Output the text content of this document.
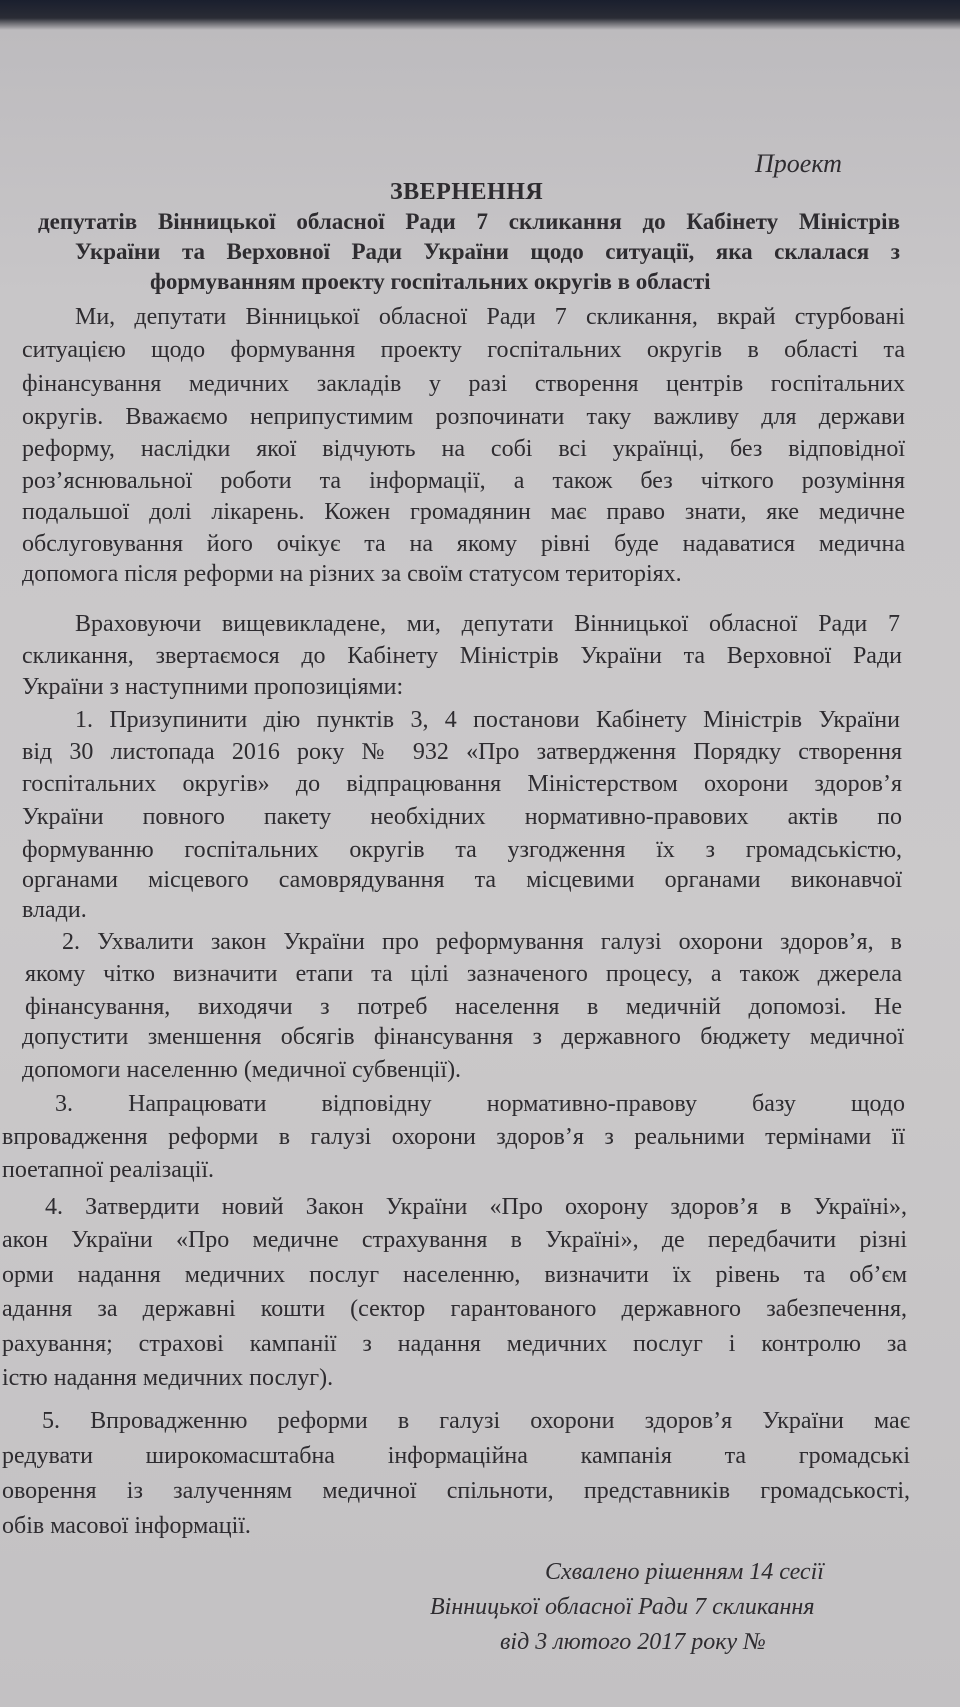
Проект
ЗВЕРНЕННЯ
депутатів Вінницької обласної Ради 7 скликання до Кабінету Міністрів
України та Верховної Ради України щодо ситуації, яка склалася з
формуванням проекту госпітальних округів в області
Ми, депутати Вінницької обласної Ради 7 скликання, вкрай стурбовані
ситуацією щодо формування проекту госпітальних округів в області та
фінансування медичних закладів у разі створення центрів госпітальних
округів. Вважаємо неприпустимим розпочинати таку важливу для держави
реформу, наслідки якої відчують на собі всі українці, без відповідної
роз’яснювальної роботи та інформації, а також без чіткого розуміння
подальшої долі лікарень. Кожен громадянин має право знати, яке медичне
обслуговування його очікує та на якому рівні буде надаватися медична
допомога після реформи на різних за своїм статусом територіях.
Враховуючи вищевикладене, ми, депутати Вінницької обласної Ради 7
скликання, звертаємося до Кабінету Міністрів України та Верховної Ради
України з наступними пропозиціями:
1. Призупинити дію пунктів 3, 4 постанови Кабінету Міністрів України
від 30 листопада 2016 року № 932 «Про затвердження Порядку створення
госпітальних округів» до відпрацювання Міністерством охорони здоров’я
України повного пакету необхідних нормативно-правових актів по
формуванню госпітальних округів та узгодження їх з громадськістю,
органами місцевого самоврядування та місцевими органами виконавчої
влади.
2. Ухвалити закон України про реформування галузі охорони здоров’я, в
якому чітко визначити етапи та цілі зазначеного процесу, а також джерела
фінансування, виходячи з потреб населення в медичній допомозі. Не
допустити зменшення обсягів фінансування з державного бюджету медичної
допомоги населенню (медичної субвенції).
3. Напрацювати відповідну нормативно-правову базу щодо
впровадження реформи в галузі охорони здоров’я з реальними термінами її
поетапної реалізації.
4. Затвердити новий Закон України «Про охорону здоров’я в Україні»,
акон України «Про медичне страхування в Україні», де передбачити різні
орми надання медичних послуг населенню, визначити їх рівень та об’єм
адання за державні кошти (сектор гарантованого державного забезпечення,
рахування; страхові кампанії з надання медичних послуг і контролю за
істю надання медичних послуг).
5. Впровадженню реформи в галузі охорони здоров’я України має
редувати широкомасштабна інформаційна кампанія та громадські
оворення із залученням медичної спільноти, представників громадськості,
обів масової інформації.
Схвалено рішенням 14 сесії
Вінницької обласної Ради 7 скликання
від 3 лютого 2017 року №
